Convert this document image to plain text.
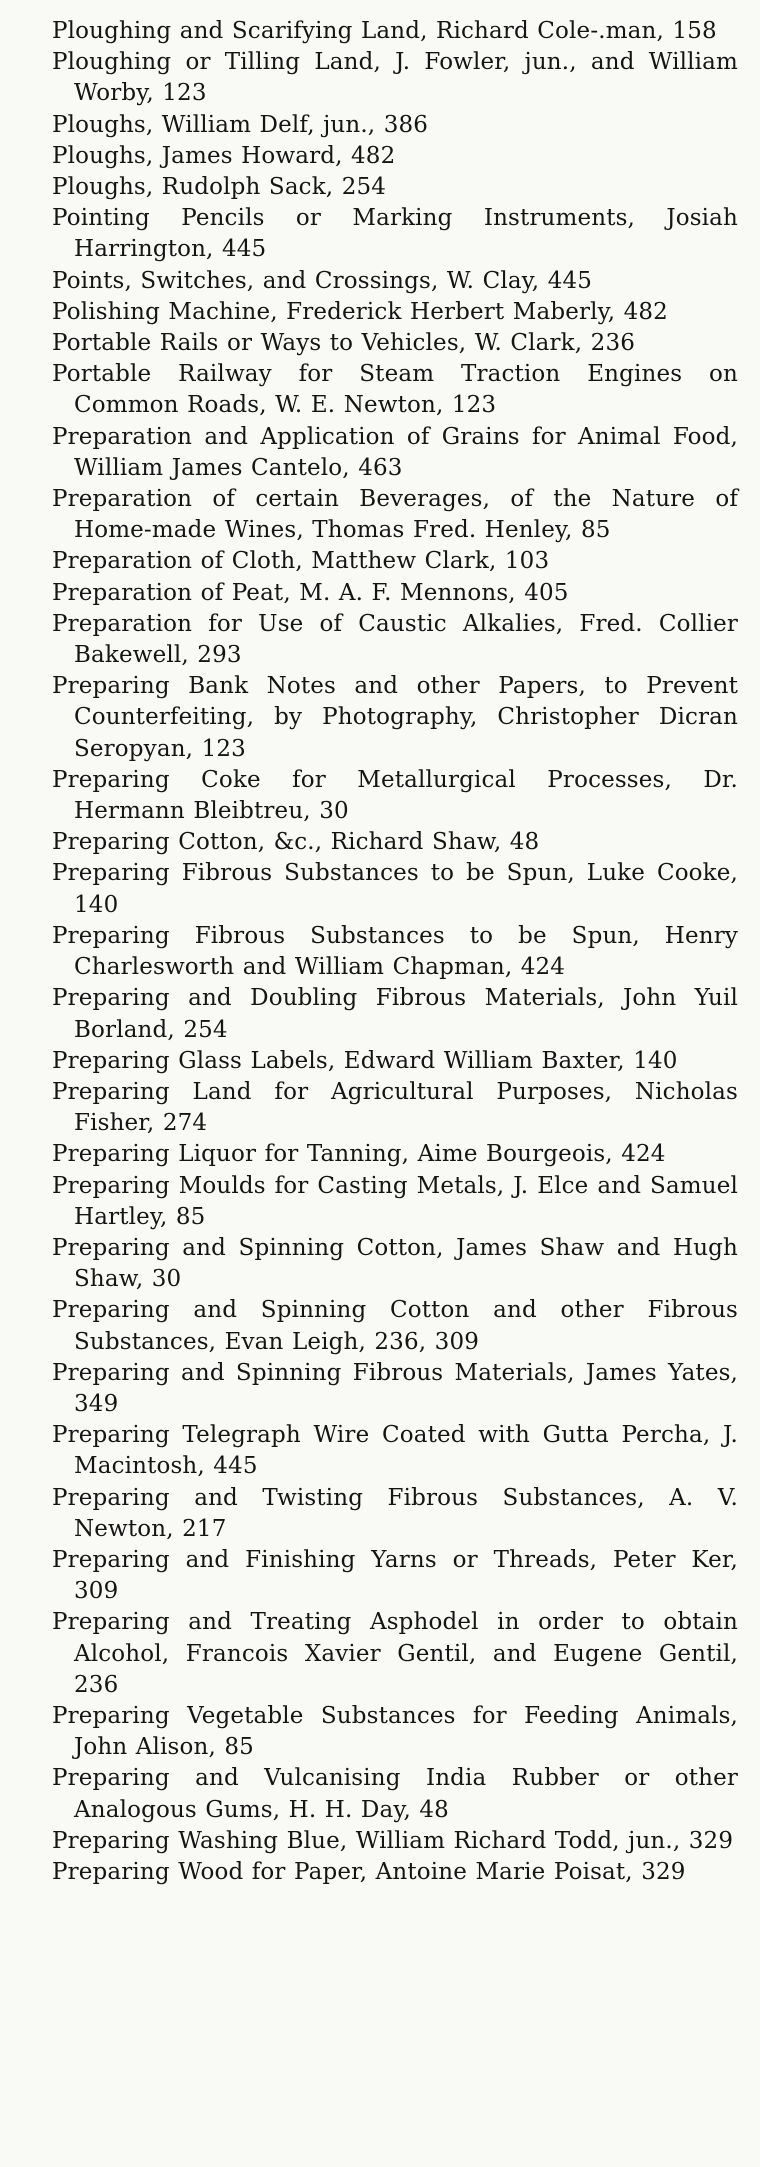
Ploughing and Scarifying Land, Richard Cole-.man, 158
Ploughing or Tilling Land, J. Fowler, jun., and William Worby, 123
Ploughs, William Delf, jun., 386
Ploughs, James Howard, 482
Ploughs, Rudolph Sack, 254
Pointing Pencils or Marking Instruments, Josiah Harrington, 445
Points, Switches, and Crossings, W. Clay, 445
Polishing Machine, Frederick Herbert Maberly, 482
Portable Rails or Ways to Vehicles, W. Clark, 236
Portable Railway for Steam Traction Engines on Common Roads, W. E. Newton, 123
Preparation and Application of Grains for Animal Food, William James Cantelo, 463
Preparation of certain Beverages, of the Nature of Home-made Wines, Thomas Fred. Henley, 85
Preparation of Cloth, Matthew Clark, 103
Preparation of Peat, M. A. F. Mennons, 405
Preparation for Use of Caustic Alkalies, Fred. Collier Bakewell, 293
Preparing Bank Notes and other Papers, to Prevent Counterfeiting, by Photography, Christopher Dicran Seropyan, 123
Preparing Coke for Metallurgical Processes, Dr. Hermann Bleibtreu, 30
Preparing Cotton, &c., Richard Shaw, 48
Preparing Fibrous Substances to be Spun, Luke Cooke, 140
Preparing Fibrous Substances to be Spun, Henry Charlesworth and William Chapman, 424
Preparing and Doubling Fibrous Materials, John Yuil Borland, 254
Preparing Glass Labels, Edward William Baxter, 140
Preparing Land for Agricultural Purposes, Nicholas Fisher, 274
Preparing Liquor for Tanning, Aime Bourgeois, 424
Preparing Moulds for Casting Metals, J. Elce and Samuel Hartley, 85
Preparing and Spinning Cotton, James Shaw and Hugh Shaw, 30
Preparing and Spinning Cotton and other Fibrous Substances, Evan Leigh, 236, 309
Preparing and Spinning Fibrous Materials, James Yates, 349
Preparing Telegraph Wire Coated with Gutta Percha, J. Macintosh, 445
Preparing and Twisting Fibrous Substances, A. V. Newton, 217
Preparing and Finishing Yarns or Threads, Peter Ker, 309
Preparing and Treating Asphodel in order to obtain Alcohol, Francois Xavier Gentil, and Eugene Gentil, 236
Preparing Vegetable Substances for Feeding Animals, John Alison, 85
Preparing and Vulcanising India Rubber or other Analogous Gums, H. H. Day, 48
Preparing Washing Blue, William Richard Todd, jun., 329
Preparing Wood for Paper, Antoine Marie Poisat, 329
